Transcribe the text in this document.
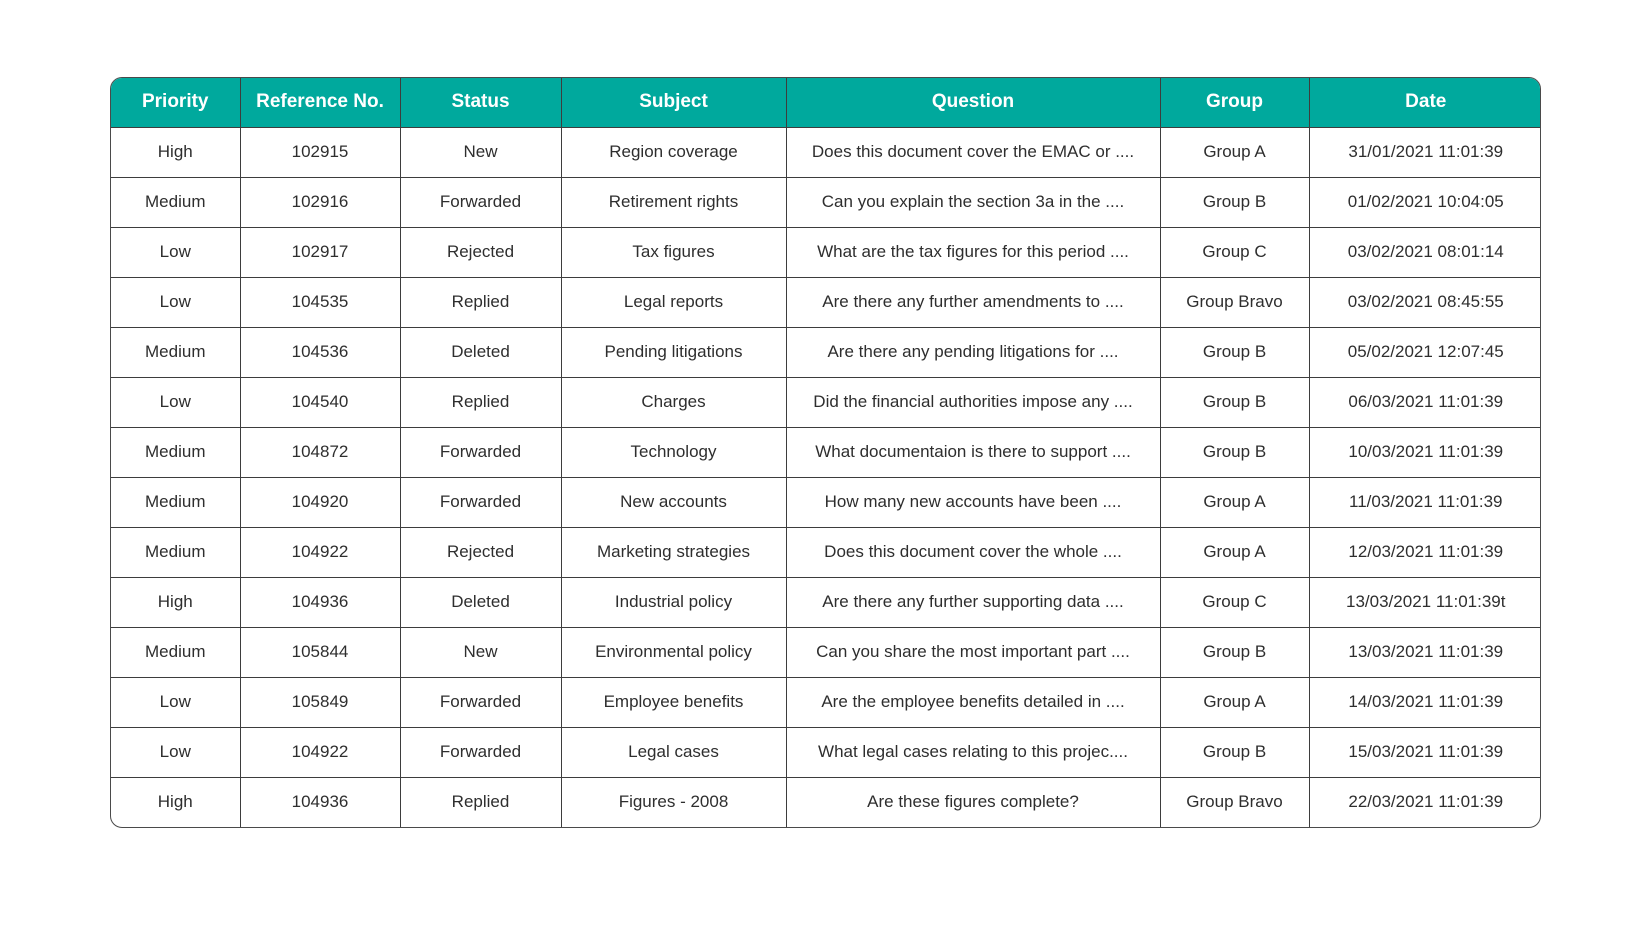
Priority	Reference No.	Status	Subject	Question	Group	Date
High	102915	New	Region coverage	Does this document cover the EMAC or ....	Group A	31/01/2021 11:01:39
Medium	102916	Forwarded	Retirement rights	Can you explain the section 3a in the ....	Group B	01/02/2021 10:04:05
Low	102917	Rejected	Tax figures	What are the tax figures for this period ....	Group C	03/02/2021 08:01:14
Low	104535	Replied	Legal reports	Are there any further amendments to ....	Group Bravo	03/02/2021 08:45:55
Medium	104536	Deleted	Pending litigations	Are there any pending litigations for ....	Group B	05/02/2021 12:07:45
Low	104540	Replied	Charges	Did the financial authorities impose any ....	Group B	06/03/2021 11:01:39
Medium	104872	Forwarded	Technology	What documentaion is there to support ....	Group B	10/03/2021 11:01:39
Medium	104920	Forwarded	New accounts	How many new accounts have been ....	Group A	11/03/2021 11:01:39
Medium	104922	Rejected	Marketing strategies	Does this document cover the whole ....	Group A	12/03/2021 11:01:39
High	104936	Deleted	Industrial policy	Are there any further supporting data ....	Group C	13/03/2021 11:01:39t
Medium	105844	New	Environmental policy	Can you share the most important part ....	Group B	13/03/2021 11:01:39
Low	105849	Forwarded	Employee benefits	Are the employee benefits detailed in ....	Group A	14/03/2021 11:01:39
Low	104922	Forwarded	Legal cases	What legal cases relating to this projec....	Group B	15/03/2021 11:01:39
High	104936	Replied	Figures - 2008	Are these figures complete?	Group Bravo	22/03/2021 11:01:39
